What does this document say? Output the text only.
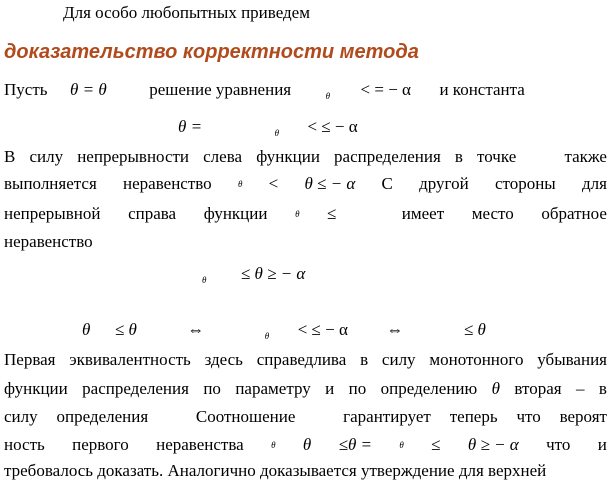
Для особо любопытных приведем
доказательство корректности метода
Пусть θ = θ	решение уравнения	$_\theta$ < = − α и константа
θ =	$_\theta$ < ≤ − α
В силу непрерывности слева функции распределения в точке	также
выполняется неравенство	θ < θ ≤ − α С другой стороны для
непрерывной справа функции	θ ≤	имеет место обратное
неравенство
$_\theta$ ≤ θ ≥ − α
θ ≤ θ	⇔	$_\theta$ < ≤ − α ⇔	≤ θ
Первая эквивалентность здесь справедлива в силу монотонного убывания
функции распределения по параметру и по определению θ вторая – в
силу определения	Соотношение	гарантирует теперь что вероят
ность первого неравенства	θ θ ≤θ =	θ ≤ θ ≥ − α что и
требовалось доказать. Аналогично доказывается утверждение для верхней
